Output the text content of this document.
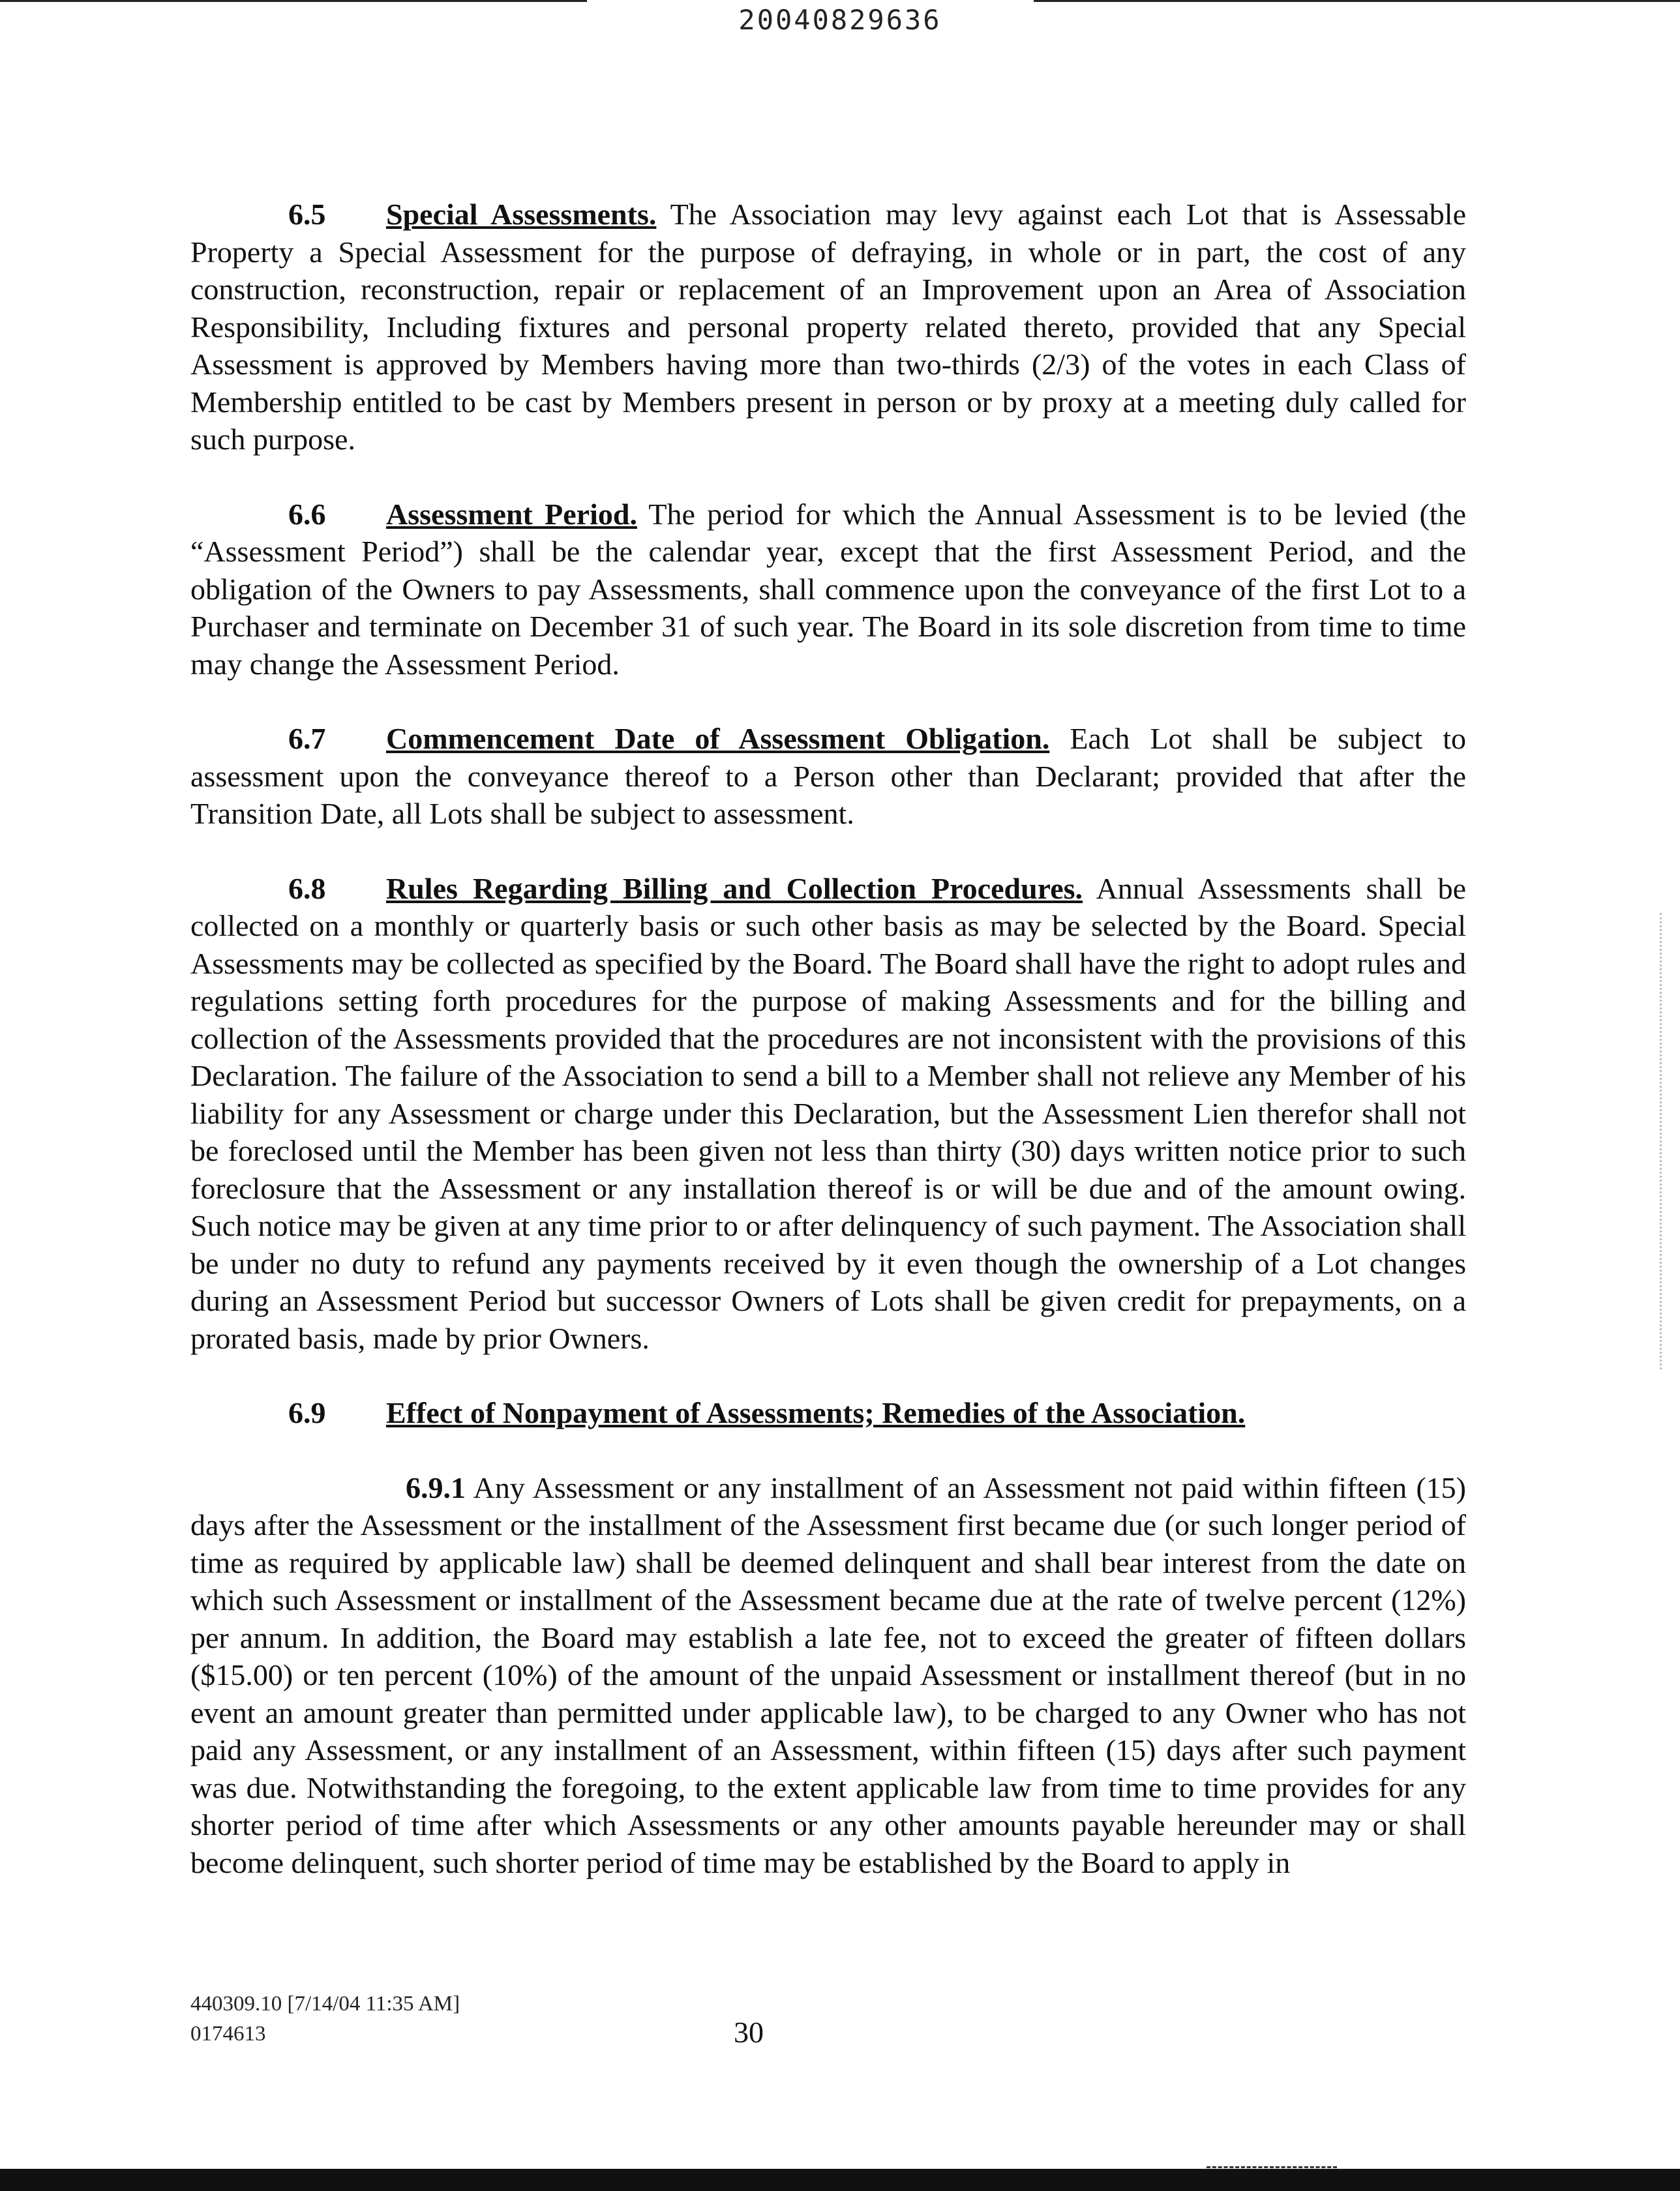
20040829636

6.5 Special Assessments. The Association may levy against each Lot that is Assessable Property a Special Assessment for the purpose of defraying, in whole or in part, the cost of any construction, reconstruction, repair or replacement of an Improvement upon an Area of Association Responsibility, Including fixtures and personal property related thereto, provided that any Special Assessment is approved by Members having more than two-thirds (2/3) of the votes in each Class of Membership entitled to be cast by Members present in person or by proxy at a meeting duly called for such purpose.

6.6 Assessment Period. The period for which the Annual Assessment is to be levied (the “Assessment Period”) shall be the calendar year, except that the first Assessment Period, and the obligation of the Owners to pay Assessments, shall commence upon the conveyance of the first Lot to a Purchaser and terminate on December 31 of such year. The Board in its sole discretion from time to time may change the Assessment Period.

6.7 Commencement Date of Assessment Obligation. Each Lot shall be subject to assessment upon the conveyance thereof to a Person other than Declarant; provided that after the Transition Date, all Lots shall be subject to assessment.

6.8 Rules Regarding Billing and Collection Procedures. Annual Assessments shall be collected on a monthly or quarterly basis or such other basis as may be selected by the Board. Special Assessments may be collected as specified by the Board. The Board shall have the right to adopt rules and regulations setting forth procedures for the purpose of making Assessments and for the billing and collection of the Assessments provided that the procedures are not inconsistent with the provisions of this Declaration. The failure of the Association to send a bill to a Member shall not relieve any Member of his liability for any Assessment or charge under this Declaration, but the Assessment Lien therefor shall not be foreclosed until the Member has been given not less than thirty (30) days written notice prior to such foreclosure that the Assessment or any installation thereof is or will be due and of the amount owing. Such notice may be given at any time prior to or after delinquency of such payment. The Association shall be under no duty to refund any payments received by it even though the ownership of a Lot changes during an Assessment Period but successor Owners of Lots shall be given credit for prepayments, on a prorated basis, made by prior Owners.

6.9 Effect of Nonpayment of Assessments; Remedies of the Association.

6.9.1 Any Assessment or any installment of an Assessment not paid within fifteen (15) days after the Assessment or the installment of the Assessment first became due (or such longer period of time as required by applicable law) shall be deemed delinquent and shall bear interest from the date on which such Assessment or installment of the Assessment became due at the rate of twelve percent (12%) per annum. In addition, the Board may establish a late fee, not to exceed the greater of fifteen dollars ($15.00) or ten percent (10%) of the amount of the unpaid Assessment or installment thereof (but in no event an amount greater than permitted under applicable law), to be charged to any Owner who has not paid any Assessment, or any installment of an Assessment, within fifteen (15) days after such payment was due. Notwithstanding the foregoing, to the extent applicable law from time to time provides for any shorter period of time after which Assessments or any other amounts payable hereunder may or shall become delinquent, such shorter period of time may be established by the Board to apply in

440309.10 [7/14/04 11:35 AM]
0174613	30
